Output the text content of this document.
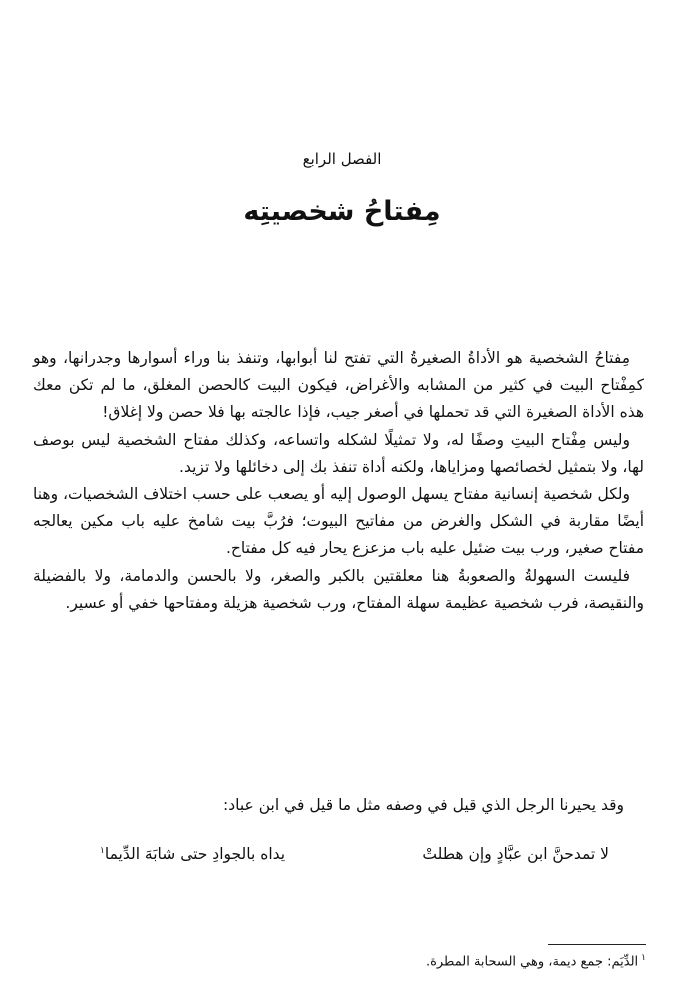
الفصل الرابع
مِفتاحُ شخصيتِه

مِفتاحُ الشخصية هو الأداةُ الصغيرةُ التي تفتح لنا أبوابها، وتنفذ بنا وراء أسوارها وجدرانها، وهو كمِفْتاح البيت في كثير من المشابه والأغراض، فيكون البيت كالحصن المغلق، ما لم تكن معك هذه الأداة الصغيرة التي قد تحملها في أصغر جيب، فإذا عالجته بها فلا حصن ولا إغلاق!

وليس مِفْتاح البيتِ وصفًا له، ولا تمثيلًا لشكله واتساعه، وكذلك مفتاح الشخصية ليس بوصف لها، ولا بتمثيل لخصائصها ومزاياها، ولكنه أداة تنفذ بك إلى دخائلها ولا تزيد.

ولكل شخصية إنسانية مفتاح يسهل الوصول إليه أو يصعب على حسب اختلاف الشخصيات، وهنا أيضًا مقاربة في الشكل والغرض من مفاتيح البيوت؛ فرُبَّ بيت شامخ عليه باب مكين يعالجه مفتاح صغير، ورب بيت ضئيل عليه باب مزعزع يحار فيه كل مفتاح.

فليست السهولةُ والصعوبةُ هنا معلقتين بالكبر والصغر، ولا بالحسن والدمامة، ولا بالفضيلة والنقيصة، فرب شخصية عظيمة سهلة المفتاح، ورب شخصية هزيلة ومفتاحها خفي أو عسير.

وقد يحيرنا الرجل الذي قيل في وصفه مثل ما قيل في ابن عباد:
لا تمدحنَّ ابن عبَّادٍ وإن هطلتْ
يداه بالجوادِ حتى شابَهَ الدِّيما$^١$
$^١$الدِّيَم: جمع ديمة، وهي السحابة المطرة.
